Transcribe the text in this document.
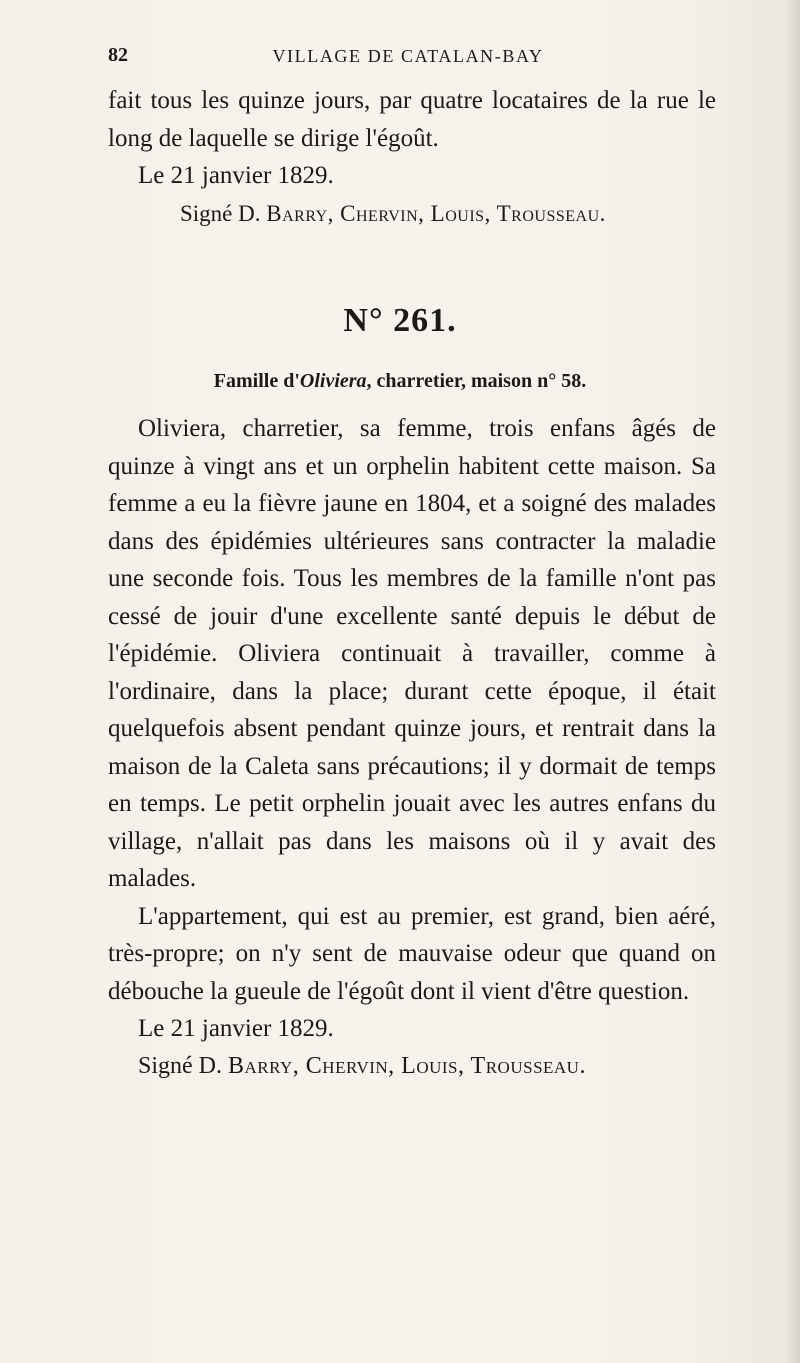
82	VILLAGE DE CATALAN-BAY

fait tous les quinze jours, par quatre locataires de la rue le long de laquelle se dirige l'égoût.

Le 21 janvier 1829.

Signé D. Barry, Chervin, Louis, Trousseau.

N° 261.
Famille d'Oliviera, charretier, maison n° 58.

Oliviera, charretier, sa femme, trois enfans âgés de quinze à vingt ans et un orphelin habitent cette maison. Sa femme a eu la fièvre jaune en 1804, et a soigné des malades dans des épidémies ultérieures sans contracter la maladie une seconde fois. Tous les membres de la famille n'ont pas cessé de jouir d'une excellente santé depuis le début de l'épidémie. Oliviera continuait à travailler, comme à l'ordinaire, dans la place; durant cette époque, il était quelquefois absent pendant quinze jours, et rentrait dans la maison de la Caleta sans précautions; il y dormait de temps en temps. Le petit orphelin jouait avec les autres enfans du village, n'allait pas dans les maisons où il y avait des malades.

L'appartement, qui est au premier, est grand, bien aéré, très-propre; on n'y sent de mauvaise odeur que quand on débouche la gueule de l'égoût dont il vient d'être question.

Le 21 janvier 1829.

Signé D. Barry, Chervin, Louis, Trousseau.
